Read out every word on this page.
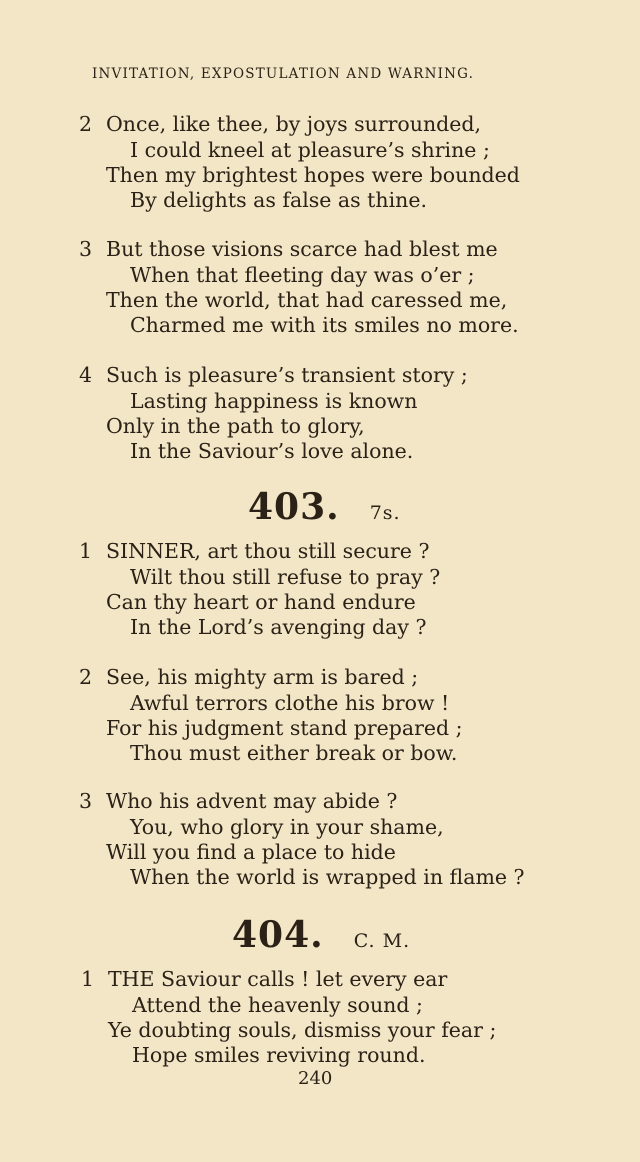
INVITATION, EXPOSTULATION AND WARNING.
2 Once, like thee, by joys surrounded,
I could kneel at pleasure’s shrine ;
Then my brightest hopes were bounded
By delights as false as thine.
3 But those visions scarce had blest me
When that fleeting day was o’er ;
Then the world, that had caressed me,
Charmed me with its smiles no more.
4 Such is pleasure’s transient story ;
Lasting happiness is known
Only in the path to glory,
In the Saviour’s love alone.
403. 7s.
1 SINNER, art thou still secure ?
Wilt thou still refuse to pray ?
Can thy heart or hand endure
In the Lord’s avenging day ?
2 See, his mighty arm is bared ;
Awful terrors clothe his brow !
For his judgment stand prepared ;
Thou must either break or bow.
3 Who his advent may abide ?
You, who glory in your shame,
Will you find a place to hide
When the world is wrapped in flame ?
404. C. M.
1 THE Saviour calls ! let every ear
Attend the heavenly sound ;
Ye doubting souls, dismiss your fear ;
Hope smiles reviving round.
240
